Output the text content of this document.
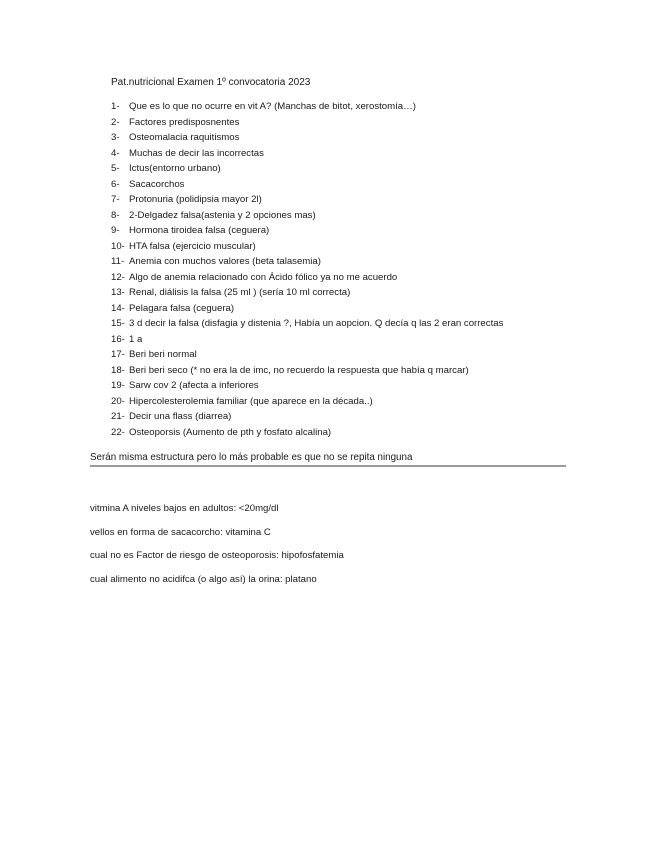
Pat.nutricional Examen 1º convocatoria 2023
1- Que es lo que no ocurre en vit A? (Manchas de bitot, xerostomía…)
2- Factores predisposnentes
3- Osteomalacia raquitismos
4- Muchas de decir las incorrectas
5- Ictus(entorno urbano)
6- Sacacorchos
7- Protonuria (polidipsia mayor 2l)
8- 2-Delgadez falsa(astenia y 2 opciones mas)
9- Hormona tiroidea falsa (ceguera)
10- HTA falsa (ejercicio muscular)
11- Anemia con muchos valores (beta talasemia)
12- Algo de anemia relacionado con Ácido fólico ya no me acuerdo
13- Renal, diálisis la falsa (25 ml ) (sería 10 ml correcta)
14- Pelagara falsa (ceguera)
15- 3 d decir la falsa (disfagia y distenia ?, Había un aopcion. Q decía q las 2 eran correctas
16- 1 a
17- Beri beri normal
18- Beri beri seco (* no era la de imc, no recuerdo la respuesta que había q marcar)
19- Sarw cov 2 (afecta a inferiores
20- Hipercolesterolemia familiar (que aparece en la década..)
21- Decir una flass (diarrea)
22- Osteoporsis (Aumento de pth y fosfato alcalina)
Serán misma estructura pero lo más probable es que no se repita ninguna
vitmina A niveles bajos en adultos: <20mg/dl
vellos en forma de sacacorcho: vitamina C
cual no es Factor de riesgo de osteoporosis: hipofosfatemia
cual alimento no acidifca (o algo así) la orina: platano
